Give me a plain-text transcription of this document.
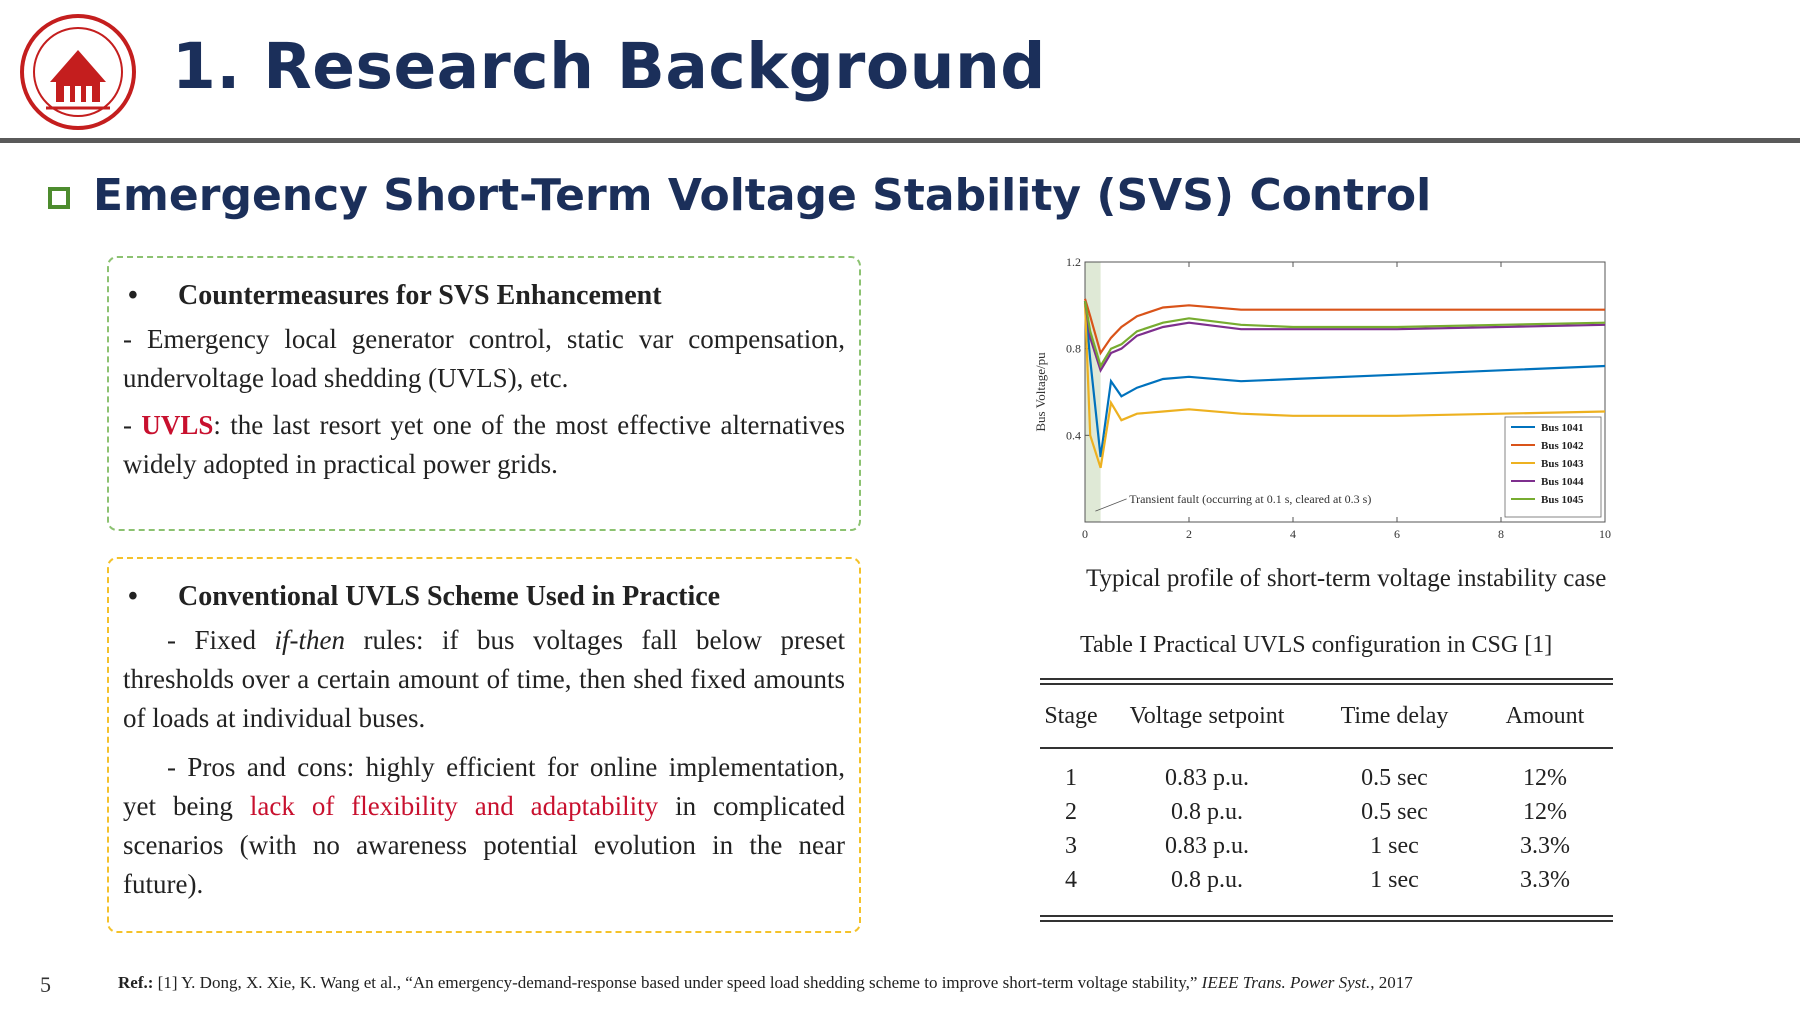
1. Research Background
Emergency Short-Term Voltage Stability (SVS) Control
• Countermeasures for SVS Enhancement
- Emergency local generator control, static var compensation, undervoltage load shedding (UVLS), etc.
- UVLS: the last resort yet one of the most effective alternatives widely adopted in practical power grids.
• Conventional UVLS Scheme Used in Practice
- Fixed if-then rules: if bus voltages fall below preset thresholds over a certain amount of time, then shed fixed amounts of loads at individual buses.
- Pros and cons: highly efficient for online implementation, yet being lack of flexibility and adaptability in complicated scenarios (with no awareness potential evolution in the near future).
0	2	4	6	8	10
0.4
0.8
1.2
Bus Voltage/pu
Transient fault (occurring at 0.1 s, cleared at 0.3 s)
Bus 1041
Bus 1042
Bus 1043
Bus 1044
Bus 1045
Typical profile of short-term voltage instability case
Table I Practical UVLS configuration in CSG [1]
Stage	Voltage setpoint	Time delay	Amount
1	0.83 p.u.	0.5 sec	12%
2	0.8 p.u.	0.5 sec	12%
3	0.83 p.u.	1 sec	3.3%
4	0.8 p.u.	1 sec	3.3%
5	Ref.: [1] Y. Dong, X. Xie, K. Wang et al., “An emergency-demand-response based under speed load shedding scheme to improve short-term voltage stability,” IEEE Trans. Power Syst., 2017
